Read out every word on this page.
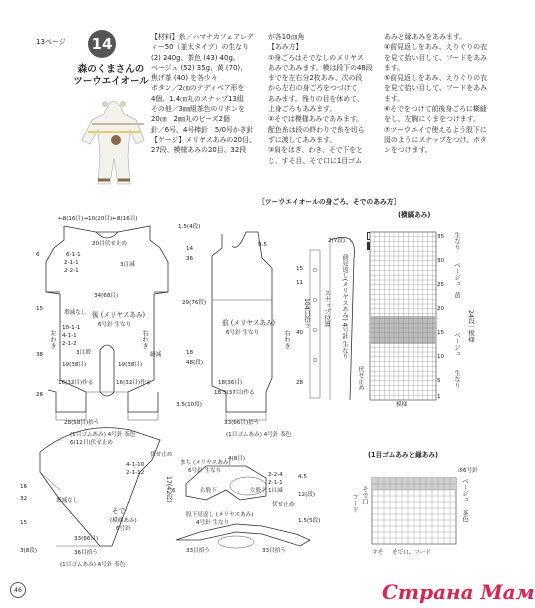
13ページ 14
森のくまさんの
ツーウエイオール
【材料】糸／ハマナカフェアレデ
ィー50（並太タイプ）の生なり
(2) 240g、茶色 (43) 40g、
ベージュ (52) 35g、黄 (70)、
焦げ茶 (40) を各少々
ボタン／2㎝のテディベア形を
4個、1.4㎝丸のスナップ13組
その他／3㎜組茶色のリボンを
20㎝　2㎜丸のビーズ2個
針／6号、4号棒針　5/0号かぎ針
【ゲージ】メリヤスあみの20目、
27段、模様あみの20目、32段
が各10㎝角
【あみ方】
①身ごろはそでなしのメリヤス
あみであみます。模は段下の48段
までを左右分2枚あみ、次の段
から左右の身ごろをつづけて
あみます。残りの目を休めて、
上身ごろもあみます。
②そでは模様あみであみます。
配色糸は段の終わりで糸を切ら
ずに渡してあみます。
③肩をはぎ、わき、そで下をと
じ、すそ目、そで口に1目ゴム
あみと縁あみをあみます。
④前見返しをあみ、えりぐりの衣
を見て拾い目して、フードをあみ
ます。
⑤前見返しをあみ、えりぐりの衣
を見て拾い目して、フードをあみ
ます。
⑥そでをつけて前後身ごろに糊縫
をし、左胸にくまをつけます。
⑦ツーウエイで使えるよう股下に
図のようにスナップをつけ、ボタ
ンをつけます。
［ツーウエイオールの身ごろ、そでのあみ方］
←8(16目)→10(20目)←8(16目)
20目伏せ止め
6-1-1
2-1-1
2-2-1
3目減
34(68目)
後 (メリヤスあみ)
6号針 生なり
増減なし
10-1-1
4-1-1
2-1-2
3目増
19(38目)	19(38目)
16(32目)作る	16(32目)作る
28(58目)拾う
(1目ゴムあみ) 4号針 茶色
右わき
左わき
縫減
6
15
38
26
1.5(4段)
14
36
9.5
29(76段)
前 (メリヤスあみ)
6号針 生なり
18
48(段)
18(36目)
18.5(37目)作る
3.5(10段)
33(66目)拾う
(1目ゴムあみ) 4号針 茶色
2(7段)
前見返し(メリヤスあみ) 4号針 生なり
スナップ位置
伏せ止め
右わき
15
40
11
104目拾う
28
(横縞あみ)
35
30
25
20
15
10
5
1
生なり
ベージュ
黄
ベージュ
生なり
24段一模様
模様
6(12目)伏せ止め
16
32
15
3(8段)
増減なし
4-1-10
2-1-12
そで
(模様あみ)
6号針
33(66目)
36目拾う
(1目ゴムあみ) 4号針 茶色
17(42段)
伏せ止め
4(8目)
まち (メリヤスあみ)
6号針 生なり
右股下	左股下
2-2-4
2-1-1
1目減
伏せ止め
股下見返し (メリヤスあみ)
4号針 生なり
33目拾う	33目拾う
1.5(5段)
4.5
6
12(段)
(1目ゴムあみと縁あみ)
⑤6号針
ベージュ
茶色
そで口
フード
すそ そで口、フード
46	Страна Мам
